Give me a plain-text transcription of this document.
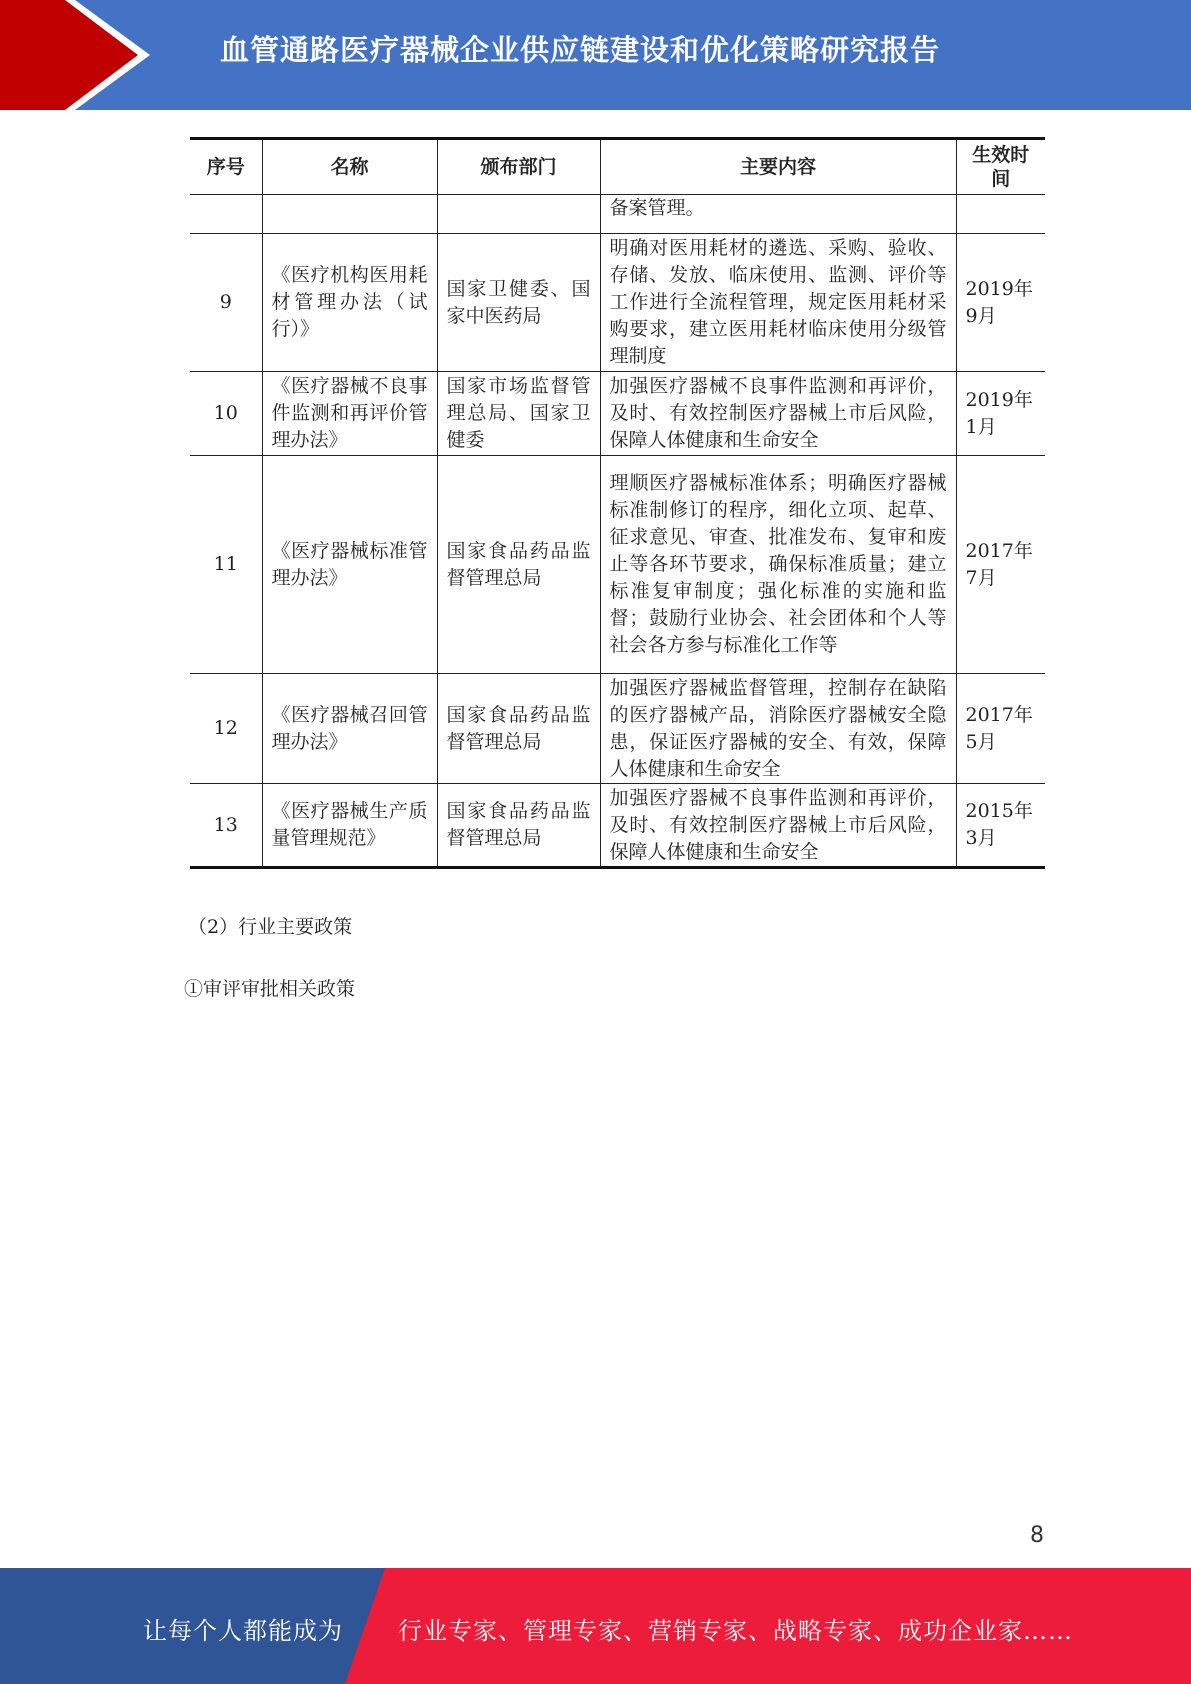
血管通路医疗器械企业供应链建设和优化策略研究报告
序号	名称	颁布部门	主要内容	生效时间
			备案管理。	
9	《医疗机构医用耗材管理办法（试行）》	国家卫健委、国家中医药局	明确对医用耗材的遴选、采购、验收、存储、发放、临床使用、监测、评价等工作进行全流程管理，规定医用耗材采购要求，建立医用耗材临床使用分级管理制度	2019年9月
10	《医疗器械不良事件监测和再评价管理办法》	国家市场监督管理总局、国家卫健委	加强医疗器械不良事件监测和再评价，及时、有效控制医疗器械上市后风险，保障人体健康和生命安全	2019年1月
11	《医疗器械标准管理办法》	国家食品药品监督管理总局	理顺医疗器械标准体系；明确医疗器械标准制修订的程序，细化立项、起草、征求意见、审查、批准发布、复审和废止等各环节要求，确保标准质量；建立标准复审制度；强化标准的实施和监督；鼓励行业协会、社会团体和个人等社会各方参与标准化工作等	2017年7月
12	《医疗器械召回管理办法》	国家食品药品监督管理总局	加强医疗器械监督管理，控制存在缺陷的医疗器械产品，消除医疗器械安全隐患，保证医疗器械的安全、有效，保障人体健康和生命安全	2017年5月
13	《医疗器械生产质量管理规范》	国家食品药品监督管理总局	加强医疗器械不良事件监测和再评价，及时、有效控制医疗器械上市后风险，保障人体健康和生命安全	2015年3月
（2）行业主要政策
①审评审批相关政策
8
让每个人都能成为 行业专家、管理专家、营销专家、战略专家、成功企业家……
